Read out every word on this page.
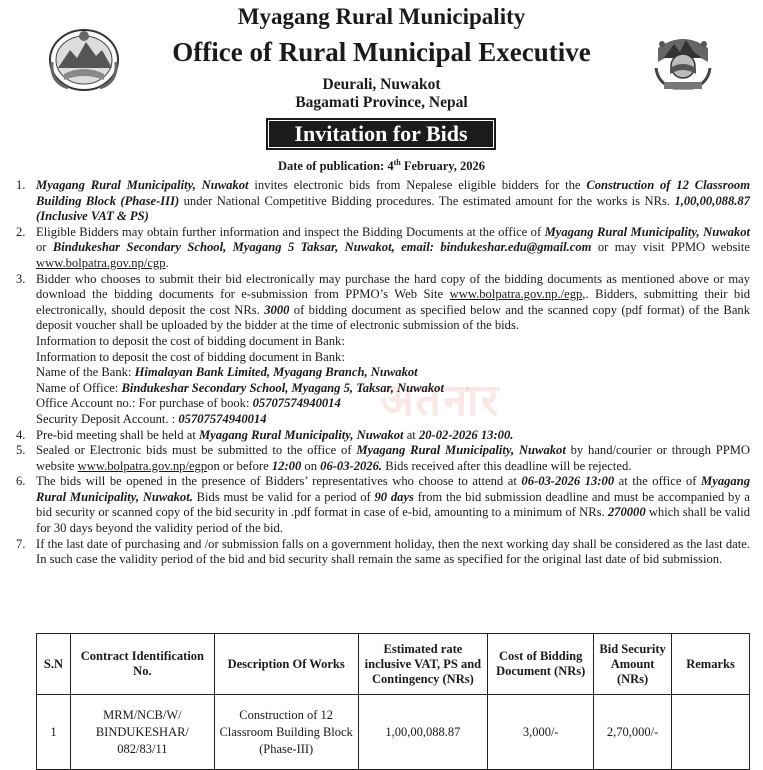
Myagang Rural Municipality
Office of Rural Municipal Executive
Deurali, Nuwakot
Bagamati Province, Nepal
Invitation for Bids
Date of publication: 4th February, 2026
अतनार
1. Myagang Rural Municipality, Nuwakot invites electronic bids from Nepalese eligible bidders for the Construction of 12 Classroom Building Block (Phase-III) under National Competitive Bidding procedures. The estimated amount for the works is NRs. 1,00,00,088.87 (Inclusive VAT & PS)
2. Eligible Bidders may obtain further information and inspect the Bidding Documents at the office of Myagang Rural Municipality, Nuwakot or Bindukeshar Secondary School, Myagang 5 Taksar, Nuwakot, email: bindukeshar.edu@gmail.com or may visit PPMO website www.bolpatra.gov.np/cgp.
3. Bidder who chooses to submit their bid electronically may purchase the hard copy of the bidding documents as mentioned above or may download the bidding documents for e-submission from PPMO’s Web Site www.bolpatra.gov.np./egp,. Bidders, submitting their bid electronically, should deposit the cost NRs. 3000 of bidding document as specified below and the scanned copy (pdf format) of the Bank deposit voucher shall be uploaded by the bidder at the time of electronic submission of the bids.
Information to deposit the cost of bidding document in Bank:
Information to deposit the cost of bidding document in Bank:
Name of the Bank: Himalayan Bank Limited, Myagang Branch, Nuwakot
Name of Office: Bindukeshar Secondary School, Myagang 5, Taksar, Nuwakot
Office Account no.: For purchase of book: 05707574940014
Security Deposit Account. : 05707574940014
4. Pre-bid meeting shall be held at Myagang Rural Municipality, Nuwakot at 20-02-2026 13:00.
5. Sealed or Electronic bids must be submitted to the office of Myagang Rural Municipality, Nuwakot by hand/courier or through PPMO website www.bolpatra.gov.np/egpon or before 12:00 on 06-03-2026. Bids received after this deadline will be rejected.
6. The bids will be opened in the presence of Bidders’ representatives who choose to attend at 06-03-2026 13:00 at the office of Myagang Rural Municipality, Nuwakot. Bids must be valid for a period of 90 days from the bid submission deadline and must be accompanied by a bid security or scanned copy of the bid security in .pdf format in case of e-bid, amounting to a minimum of NRs. 270000 which shall be valid for 30 days beyond the validity period of the bid.
7. If the last date of purchasing and /or submission falls on a government holiday, then the next working day shall be considered as the last date. In such case the validity period of the bid and bid security shall remain the same as specified for the original last date of bid submission.
S.N	Contract Identification No.	Description Of Works	Estimated rate inclusive VAT, PS and Contingency (NRs)	Cost of Bidding Document (NRs)	Bid Security Amount (NRs)	Remarks
1	MRM/NCB/W/ BINDUKESHAR/ 082/83/11	Construction of 12 Classroom Building Block (Phase-III)	1,00,00,088.87	3,000/-	2,70,000/-	
